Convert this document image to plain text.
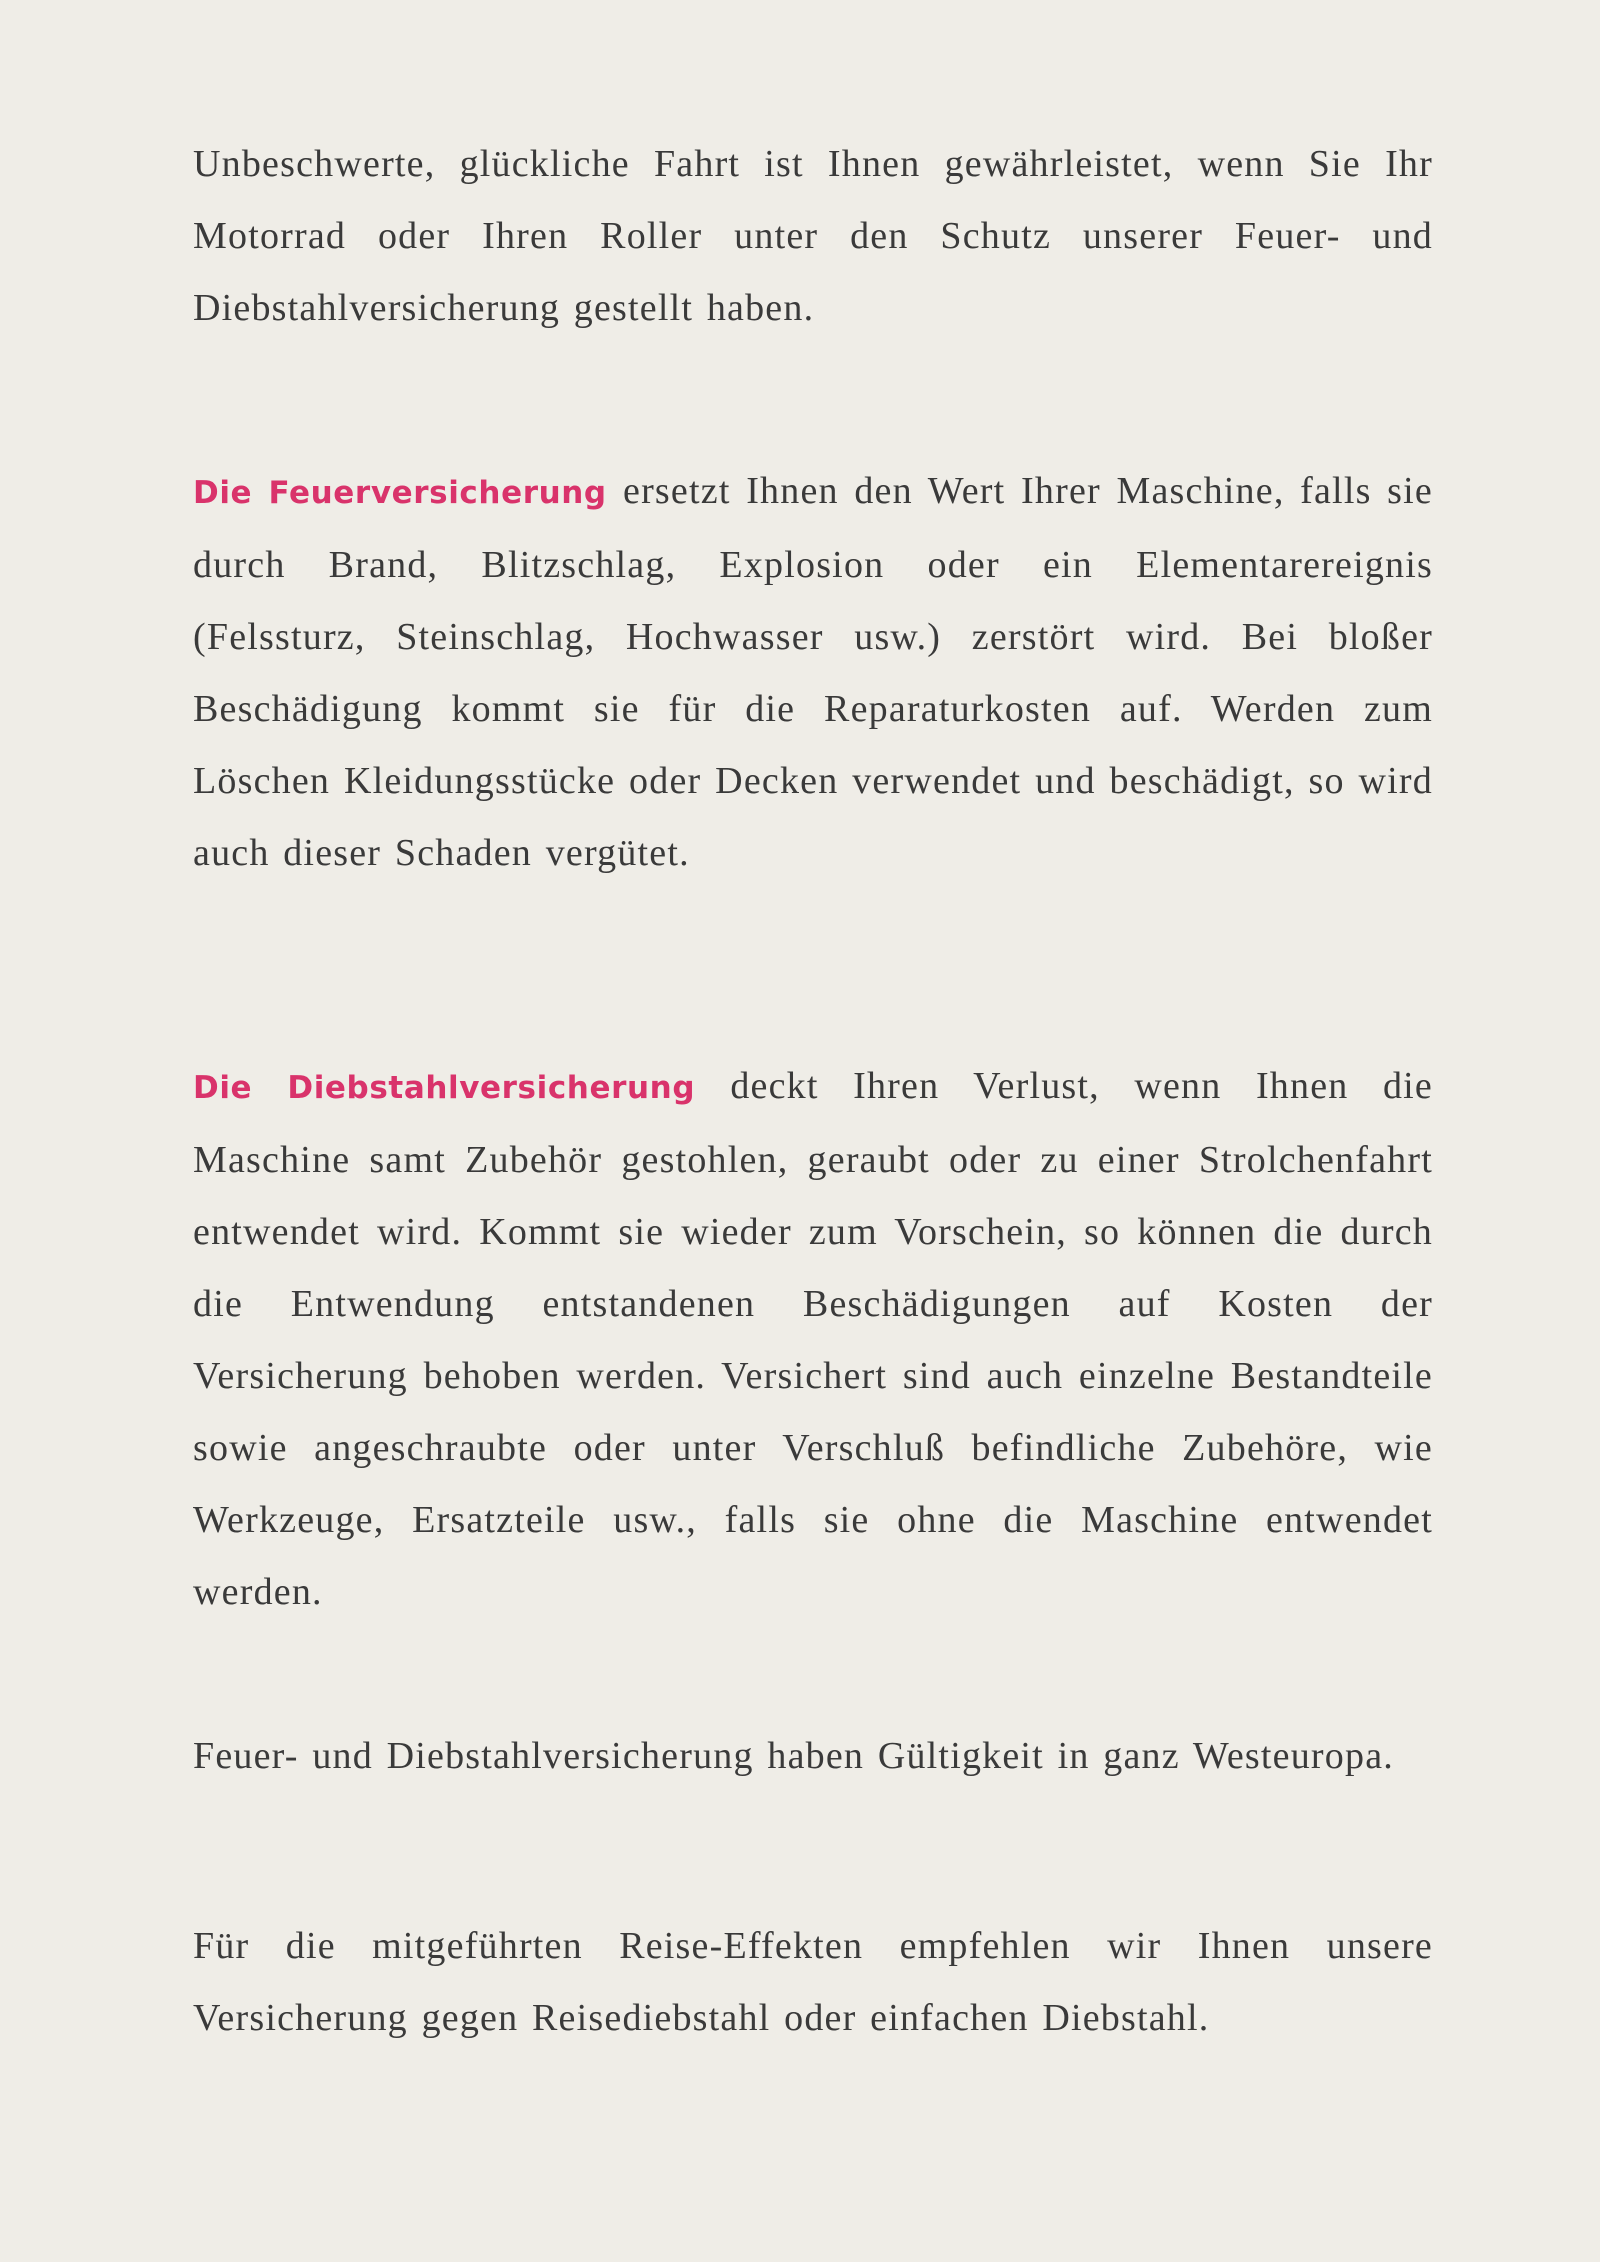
Unbeschwerte, glückliche Fahrt ist Ihnen gewährleistet, wenn Sie Ihr Motorrad oder Ihren Roller unter den Schutz unserer Feuer- und Diebstahlversicherung gestellt haben.

Die Feuerversicherung ersetzt Ihnen den Wert Ihrer Maschine, falls sie durch Brand, Blitzschlag, Explosion oder ein Elementarereignis (Felssturz, Steinschlag, Hochwasser usw.) zerstört wird. Bei bloßer Beschädigung kommt sie für die Reparaturkosten auf. Werden zum Löschen Kleidungsstücke oder Decken verwendet und beschädigt, so wird auch dieser Schaden vergütet.

Die Diebstahlversicherung deckt Ihren Verlust, wenn Ihnen die Maschine samt Zubehör gestohlen, geraubt oder zu einer Strolchenfahrt entwendet wird. Kommt sie wieder zum Vorschein, so können die durch die Entwendung entstandenen Beschädigungen auf Kosten der Versicherung behoben werden. Versichert sind auch einzelne Bestandteile sowie angeschraubte oder unter Verschluß befindliche Zubehöre, wie Werkzeuge, Ersatzteile usw., falls sie ohne die Maschine entwendet werden.

Feuer- und Diebstahlversicherung haben Gültigkeit in ganz Westeuropa.

Für die mitgeführten Reise-Effekten empfehlen wir Ihnen unsere Versicherung gegen Reisediebstahl oder einfachen Diebstahl.
